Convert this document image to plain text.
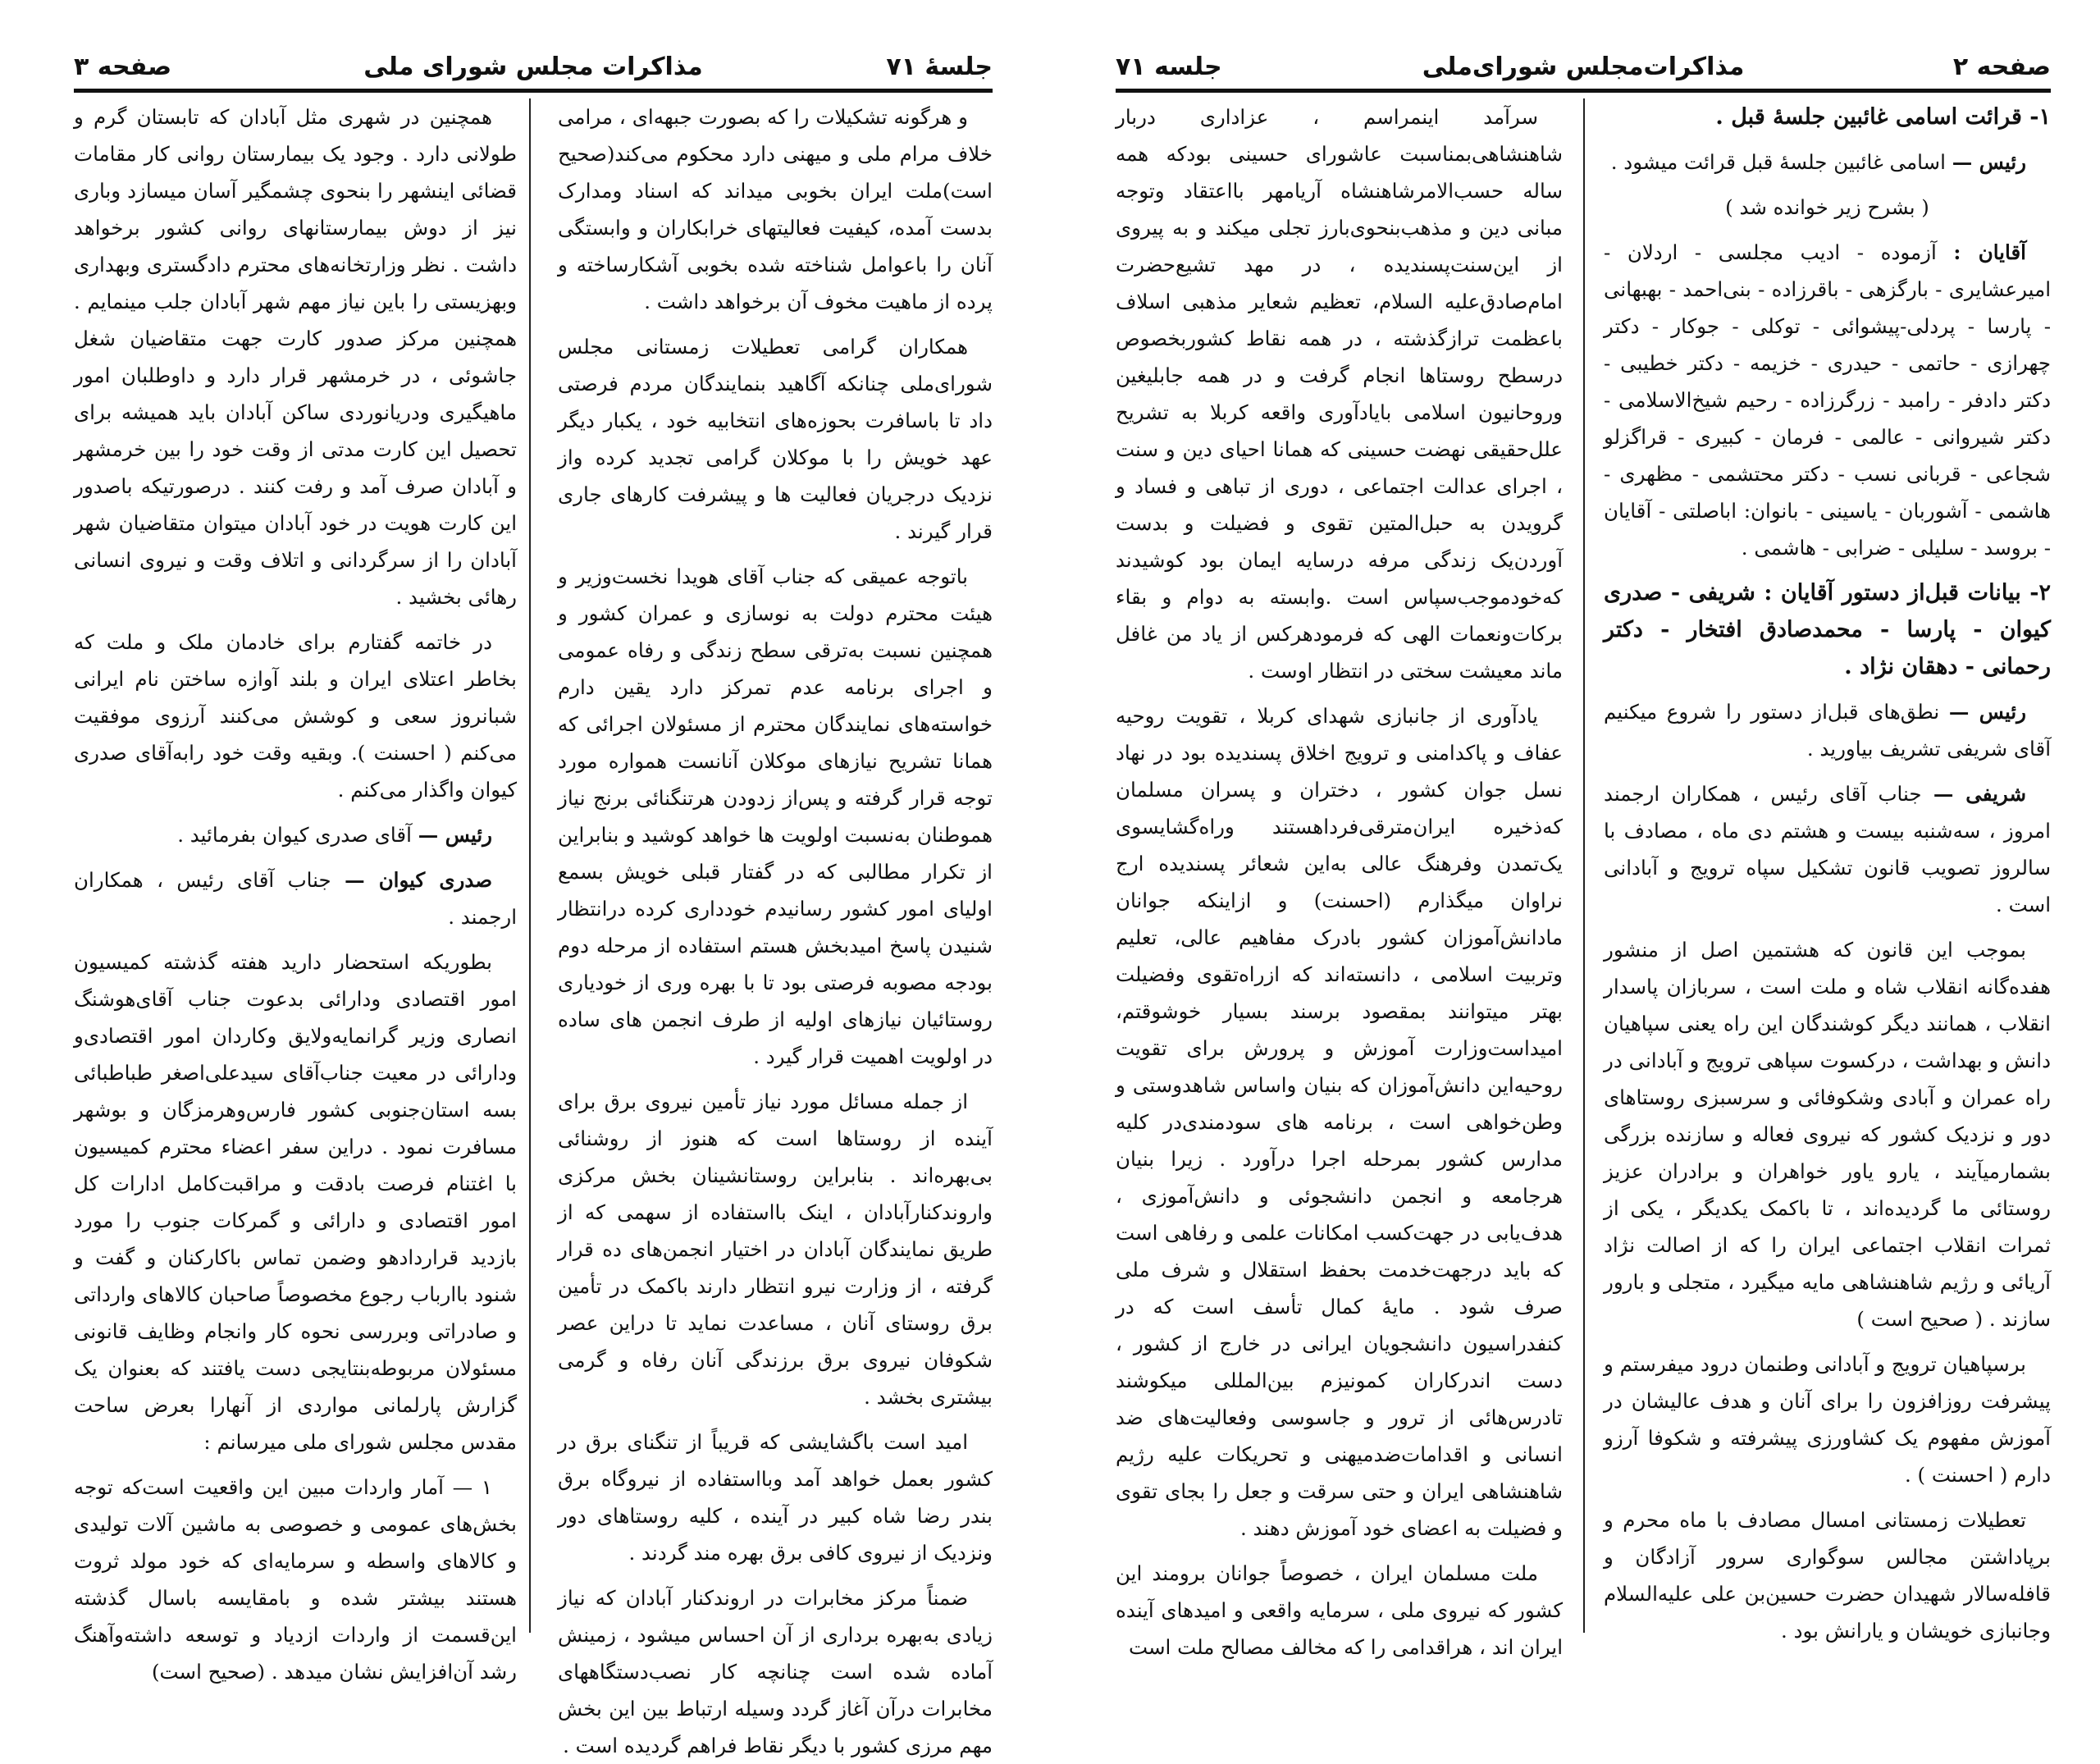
جلسهٔ ۷۱
مذاکرات مجلس شورای ملی
صفحه ۳

و هرگونه تشکیلات را که بصورت جبهه‌ای ، مرامی خلاف مرام ملی و میهنی دارد محکوم می‌کند(صحیح است)ملت ایران بخوبی میداند که اسناد ومدارک بدست آمده، کیفیت فعالیتهای خرابکاران و وابستگی آنان را باعوامل شناخته شده بخوبی آشکارساخته و پرده از ماهیت مخوف آن برخواهد داشت .

همکاران گرامی تعطیلات زمستانی مجلس شورای‌ملی چنانکه آگاهید بنمایندگان مردم فرصتی داد تا باسافرت بحوزه‌های انتخابیه خود ، یکبار دیگر عهد خویش را با موکلان گرامی تجدید کرده واز نزدیک درجریان فعالیت ها و پیشرفت کارهای جاری قرار گیرند .

باتوجه عمیقی که جناب آقای هویدا نخست‌وزیر و هیئت محترم دولت به نوسازی و عمران کشور و همچنین نسبت به‌ترقی سطح زندگی و رفاه عمومی و اجرای برنامه عدم تمرکز دارد یقین دارم خواسته‌های نمایندگان محترم از مسئولان اجرائی که همانا تشریح نیازهای موکلان آنانست همواره مورد توجه قرار گرفته و پس‌از زدودن هرتنگنائی برنج نیاز هموطنان به‌نسبت اولویت ها خواهد کوشید و بنابراین از تکرار مطالبی که در گفتار قبلی خویش بسمع اولیای امور کشور رسانیدم خودداری کرده درانتظار شنیدن پاسخ امیدبخش هستم استفاده از مرحله دوم بودجه مصوبه فرصتی بود تا با بهره وری از خودیاری روستائیان نیازهای اولیه از طرف انجمن های ساده در اولویت اهمیت قرار گیرد .

از جمله مسائل مورد نیاز تأمین نیروی برق برای آینده از روستاها است که هنوز از روشنائی بی‌بهره‌اند . بنابراین روستانشینان بخش مرکزی واروندکنارآبادان ، اینک بااستفاده از سهمی که از طریق نمایندگان آبادان در اختیار انجمن‌های ده قرار گرفته ، از وزارت نیرو انتظار دارند باکمک در تأمین برق روستای آنان ، مساعدت نماید تا دراین عصر شکوفان نیروی برق برزندگی آنان رفاه و گرمی بیشتری بخشد .

امید است باگشایشی که قریباً از تنگنای برق در کشور بعمل خواهد آمد وبااستفاده از نیروگاه برق بندر رضا شاه کبیر در آینده ، کلیه روستاهای دور ونزدیک از نیروی کافی برق بهره مند گردند .

ضمناً مرکز مخابرات در اروندکنار آبادان که نیاز زیادی به‌بهره برداری از آن احساس میشود ، زمینش آماده شده است چنانچه کار نصب‌دستگاههای مخابرات درآن آغاز گردد وسیله ارتباط بین این بخش مهم مرزی کشور با دیگر نقاط فراهم گردیده است .

همچنین در شهری مثل آبادان که تابستان گرم و طولانی دارد . وجود یک بیمارستان روانی کار مقامات قضائی اینشهر را بنحوی چشمگیر آسان میسازد وباری نیز از دوش بیمارستانهای روانی کشور برخواهد داشت . نظر وزارتخانه‌های محترم دادگستری وبهداری وبهزیستی را باین نیاز مهم شهر آبادان جلب مینمایم . همچنین مرکز صدور کارت جهت متقاضیان شغل جاشوئی ، در خرمشهر قرار دارد و داوطلبان امور ماهیگیری ودریانوردی ساکن آبادان باید همیشه برای تحصیل این کارت مدتی از وقت خود را بین خرمشهر و آبادان صرف آمد و رفت کنند . درصورتیکه باصدور این کارت هویت در خود آبادان میتوان متقاضیان شهر آبادان را از سرگردانی و اتلاف وقت و نیروی انسانی رهائی بخشید .

در خاتمه گفتارم برای خادمان ملک و ملت که بخاطر اعتلای ایران و بلند آوازه ساختن نام ایرانی شبانروز سعی و کوشش می‌کنند آرزوی موفقیت می‌کنم ( احسنت ). وبقیه وقت خود رابه‌آقای صدری کیوان واگذار می‌کنم .

رئیس — آقای صدری کیوان بفرمائید .

صدری کیوان — جناب آقای رئیس ، همکاران ارجمند .

بطوریکه استحضار دارید هفته گذشته کمیسیون امور اقتصادی ودارائی بدعوت جناب آقای‌هوشنگ انصاری وزیر گرانمایه‌ولایق وکاردان امور اقتصادی‌و ودارائی در معیت جناب‌آقای سیدعلی‌اصغر طباطبائی بسه استان‌جنوبی کشور فارس‌وهرمزگان و بوشهر مسافرت نمود . دراین سفر اعضاء محترم کمیسیون با اغتنام فرصت بادقت و مراقبت‌کامل ادارات کل امور اقتصادی و دارائی و گمرکات جنوب را مورد بازدید قراردادهو وضمن تماس باکارکنان و گفت و شنود باارباب رجوع مخصوصاً صاحبان کالاهای وارداتی و صادراتی وبررسی نحوه کار وانجام وظایف قانونی مسئولان مربوطه‌بنتایجی دست یافتند که بعنوان یک گزارش پارلمانی مواردی از آنهارا بعرض ساحت مقدس مجلس شورای ملی میرسانم :

۱ — آمار واردات مبین این واقعیت است‌که توجه بخش‌های عمومی و خصوصی به ماشین آلات تولیدی و کالاهای واسطه و سرمایه‌ای که خود مولد ثروت هستند بیشتر شده و بامقایسه باسال گذشته این‌قسمت از واردات ازدیاد و توسعه داشته‌وآهنگ رشد آن‌افزایش نشان میدهد . (صحیح است)

صفحه ۲
مذاکرات‌مجلس شورای‌ملی
جلسه ۷۱

۱- قرائت اسامی غائبین جلسهٔ قبل .

رئیس — اسامی غائبین جلسهٔ قبل قرائت میشود .

( بشرح زیر خوانده شد )

آقایان : آزموده - ادیب مجلسی - اردلان - امیرعشایری - بارگزهی - باقرزاده - بنی‌احمد - بهبهانی - پارسا - پردلی-پیشوائی - توکلی - جوکار - دکتر چهرازی - حاتمی - حیدری - خزیمه - دکتر خطیبی - دکتر دادفر - رامبد - زرگرزاده - رحیم شیخ‌الاسلامی - دکتر شیروانی - عالمی - فرمان - کبیری - قراگزلو شجاعی - قربانی نسب - دکتر محتشمی - مظهری - هاشمی - آشوربان - یاسینی - بانوان: اباصلتی - آقایان - بروسد - سلیلی - ضرابی - هاشمی .

۲- بیانات قبل‌از دستور آقایان : شریفی - صدری کیوان - پارسا - محمدصادق افتخار - دکتر رحمانی - دهقان نژاد .

رئیس — نطق‌های قبل‌از دستور را شروع میکنیم آقای شریفی تشریف بیاورید .

شریفی — جناب آقای رئیس ، همکاران ارجمند امروز ، سه‌شنبه بیست و هشتم دی ماه ، مصادف با سالروز تصویب قانون تشکیل سپاه ترویج و آبادانی است .

بموجب این قانون که هشتمین اصل از منشور هفده‌گانه انقلاب شاه و ملت است ، سربازان پاسدار انقلاب ، همانند دیگر کوشندگان این راه یعنی سپاهیان دانش و بهداشت ، درکسوت سپاهی ترویج و آبادانی در راه عمران و آبادی وشکوفائی و سرسبزی روستاهای دور و نزدیک کشور که نیروی فعاله و سازنده بزرگی بشمارمیآیند ، یارو یاور خواهران و برادران عزیز روستائی ما گردیده‌اند ، تا باکمک یکدیگر ، یکی از ثمرات انقلاب اجتماعی ایران را که از اصالت نژاد آریائی و رژیم شاهنشاهی مایه میگیرد ، متجلی و بارور سازند . ( صحیح است )

برسپاهیان ترویج و آبادانی وطنمان درود میفرستم و پیشرفت روزافزون را برای آنان و هدف عالیشان در آموزش مفهوم یک کشاورزی پیشرفته و شکوفا آرزو دارم ( احسنت ) .

تعطیلات زمستانی امسال مصادف با ماه محرم و برپاداشتن مجالس سوگواری سرور آزادگان و قافله‌سالار شهیدان حضرت حسین‌بن علی علیه‌السلام وجانبازی خویشان و یارانش بود .

سرآمد اینمراسم ، عزاداری دربار شاهنشاهی‌بمناسبت عاشورای حسینی بود‌که همه ساله حسب‌الامرشاهنشاه آریامهر بااعتقاد وتوجه مبانی دین و مذهب‌بنحوی‌بارز تجلی میکند و به پیروی از این‌سنت‌پسندیده ، در مهد تشیع‌حضرت امام‌صادق‌علیه السلام، تعظیم شعایر مذهبی اسلاف باعظمت ترازگذشته ، در همه نقاط کشوربخصوص درسطح روستاها انجام گرفت و در همه جابلیغین وروحانیون اسلامی بایادآوری واقعه کربلا به تشریح علل‌حقیقی نهضت حسینی که همانا احیای دین و سنت ، اجرای عدالت اجتماعی ، دوری از تباهی و فساد و گرویدن به حبل‌المتین تقوی و فضیلت و بدست آوردن‌یک زندگی مرفه درسایه ایمان بود کوشیدند که‌خودموجب‌سپاس است .وابسته به دوام و بقاء برکات‌ونعمات الهی که فرمود‌هرکس از یاد من غافل ماند معیشت سختی در انتظار اوست .

یادآوری از جانبازی شهدای کربلا ، تقویت روحیه عفاف و پاکدامنی و ترویج اخلاق پسندیده بود در نهاد نسل جوان کشور ، دختران و پسران مسلمان که‌ذخیره ایران‌مترقی‌فردا‌هستند وراه‌گشایسوی یک‌تمدن وفرهنگ عالی به‌این شعائر پسندیده ارج نراوان میگذارم (احسنت) و ازاینکه جوانان مادانش‌آموزان کشور بادرک مفاهیم عالی، تعلیم وتربیت اسلامی ، دانسته‌اند که از‌راه‌تقوی وفضیلت بهتر میتوانند بمقصود برسند بسیار خوشوقتم، امیداست‌وزارت آموزش و پرورش برای تقویت روحیه‌این دانش‌آموزان که بنیان واساس شاهدوستی و وطن‌خواهی است ، برنامه های سودمندی‌در کلیه مدارس کشور بمرحله اجرا درآورد . زیرا بنیان هرجامعه و انجمن دانشجوئی و دانش‌آموزی ، هدف‌یابی در جهت‌کسب امکانات علمی و رفاهی است که باید درجهت‌خدمت بحفظ استقلال و شرف ملی صرف شود . مایهٔ کمال تأسف است که در کنفدراسیون دانشجویان ایرانی در خارج از کشور ، دست اندرکاران کمونیزم بین‌المللی میکوشند تادرس‌هائی از ترور و جاسوسی وفعالیت‌های ضد انسانی و اقدامات‌ضدمیهنی و تحریکات علیه رژیم شاهنشاهی ایران و حتی سرقت و جعل را بجای تقوی و فضیلت به اعضای خود آموزش دهند .

ملت مسلمان ایران ، خصوصاً جوانان برومند این کشور که نیروی ملی ، سرمایه واقعی و امیدهای آینده ایران اند ، هراقدامی را که مخالف مصالح ملت است
